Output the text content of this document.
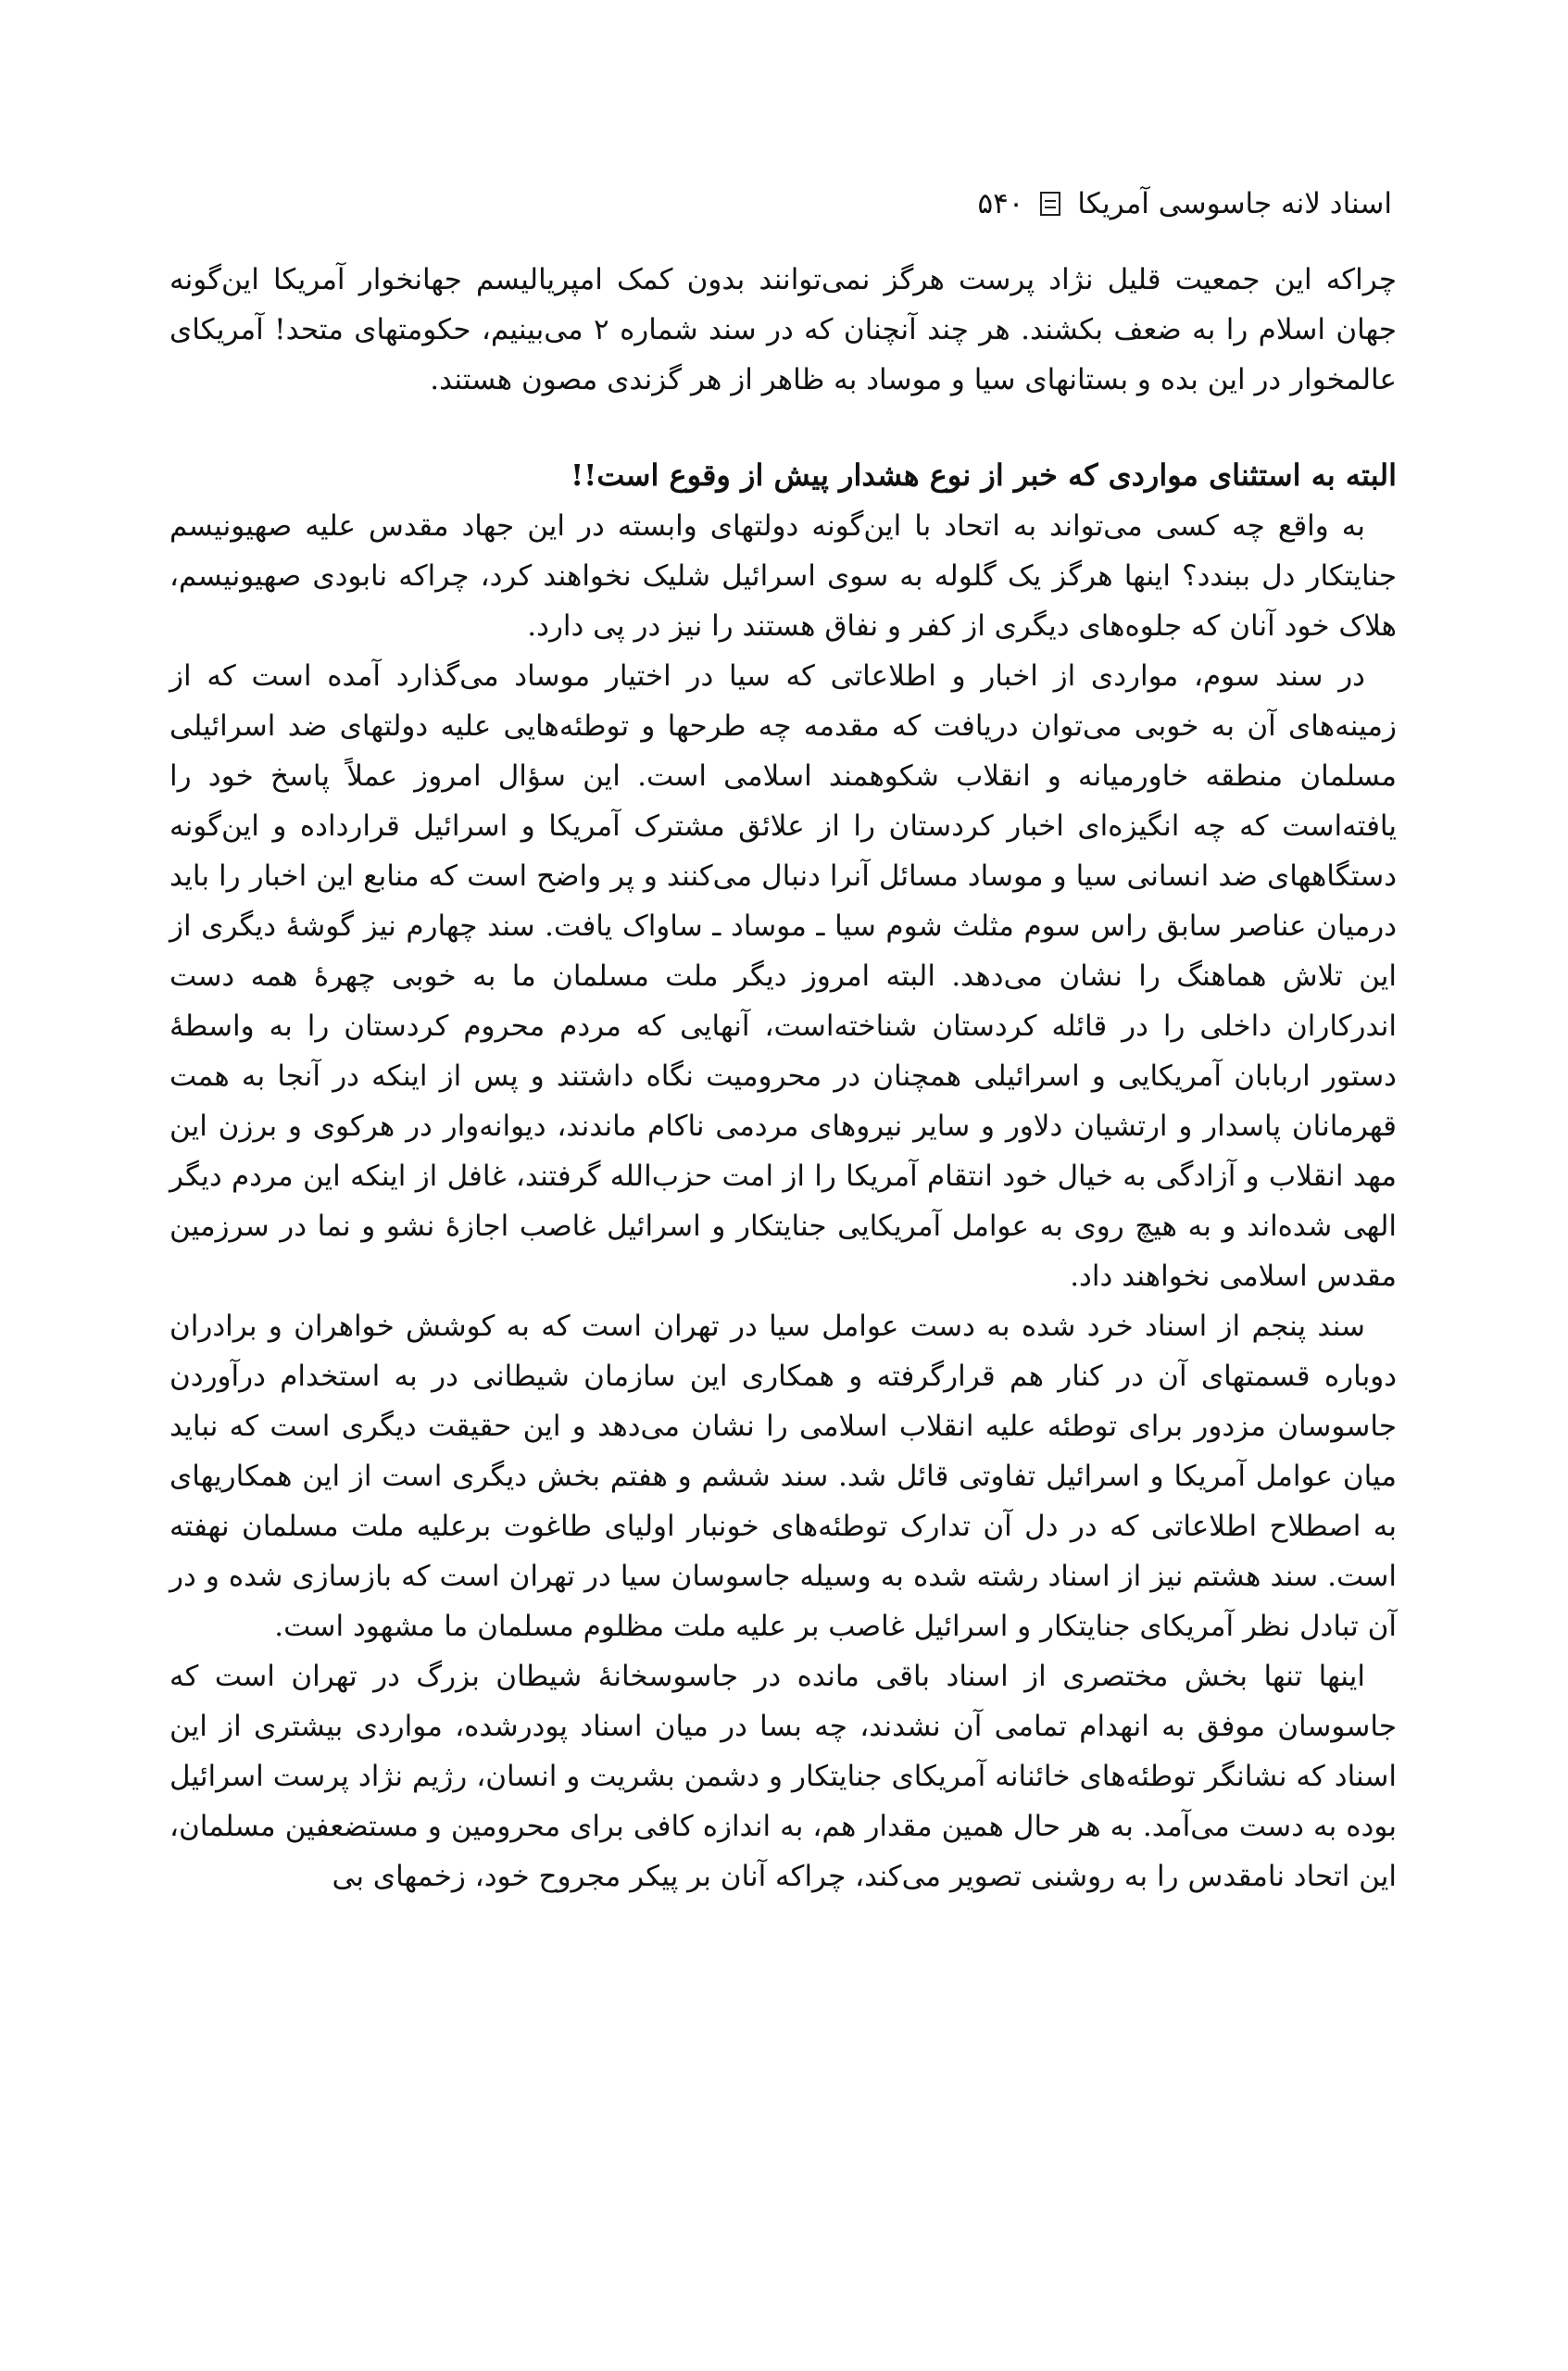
اسناد لانه جاسوسی آمریکا
۵۴۰

چراکه این جمعیت قلیل نژاد پرست هرگز نمی‌توانند بدون کمک امپریالیسم جهانخوار آمریکا این‌گونه جهان اسلام را به ضعف بکشند. هر چند آنچنان که در سند شماره ۲ می‌بینیم، حکومتهای متحد! آمریکای عالمخوار در این بده و بستانهای سیا و موساد به ظاهر از هر گزندی مصون هستند.

البته به استثنای مواردی که خبر از نوع هشدار پیش از وقوع است!!

به واقع چه کسی می‌تواند به اتحاد با این‌گونه دولتهای وابسته در این جهاد مقدس علیه صهیونیسم جنایتکار دل ببندد؟ اینها هرگز یک گلوله به سوی اسرائیل شلیک نخواهند کرد، چراکه نابودی صهیونیسم، هلاک خود آنان که جلوه‌های دیگری از کفر و نفاق هستند را نیز در پی دارد.

در سند سوم، مواردی از اخبار و اطلاعاتی که سیا در اختیار موساد می‌گذارد آمده است که از زمینه‌های آن به خوبی می‌توان دریافت که مقدمه چه طرحها و توطئه‌هایی علیه دولتهای ضد اسرائیلی مسلمان منطقه خاورمیانه و انقلاب شکوهمند اسلامی است. این سؤال امروز عملاً پاسخ خود را یافته‌است که چه انگیزه‌ای اخبار کردستان را از علائق مشترک آمریکا و اسرائیل قرارداده و این‌گونه دستگاههای ضد انسانی سیا و موساد مسائل آنرا دنبال می‌کنند و پر واضح است که منابع این اخبار را باید درمیان عناصر سابق راس سوم مثلث شوم سیا ـ موساد ـ ساواک یافت. سند چهارم نیز گوشهٔ دیگری از این تلاش هماهنگ را نشان می‌دهد. البته امروز دیگر ملت مسلمان ما به خوبی چهرهٔ همه دست اندرکاران داخلی را در قائله کردستان شناخته‌است، آنهایی که مردم محروم کردستان را به واسطهٔ دستور اربابان آمریکایی و اسرائیلی همچنان در محرومیت نگاه داشتند و پس از اینکه در آنجا به همت قهرمانان پاسدار و ارتشیان دلاور و سایر نیروهای مردمی ناکام ماندند، دیوانه‌وار در هرکوی و برزن این مهد انقلاب و آزادگی به خیال خود انتقام آمریکا را از امت حزب‌الله گرفتند، غافل از اینکه این مردم دیگر الهی شده‌اند و به هیچ روی به عوامل آمریکایی جنایتکار و اسرائیل غاصب اجازهٔ نشو و نما در سرزمین مقدس اسلامی نخواهند داد.

سند پنجم از اسناد خرد شده به دست عوامل سیا در تهران است که به کوشش خواهران و برادران دوباره قسمتهای آن در کنار هم قرارگرفته و همکاری این سازمان شیطانی در به استخدام درآوردن جاسوسان مزدور برای توطئه علیه انقلاب اسلامی را نشان می‌دهد و این حقیقت دیگری است که نباید میان عوامل آمریکا و اسرائیل تفاوتی قائل شد. سند ششم و هفتم بخش دیگری است از این همکاریهای به اصطلاح اطلاعاتی که در دل آن تدارک توطئه‌های خونبار اولیای طاغوت برعلیه ملت مسلمان نهفته است. سند هشتم نیز از اسناد رشته شده به وسیله جاسوسان سیا در تهران است که بازسازی شده و در آن تبادل نظر آمریکای جنایتکار و اسرائیل غاصب بر علیه ملت مظلوم مسلمان ما مشهود است.

اینها تنها بخش مختصری از اسناد باقی مانده در جاسوسخانهٔ شیطان بزرگ در تهران است که جاسوسان موفق به انهدام تمامی آن نشدند، چه بسا در میان اسناد پودرشده، مواردی بیشتری از این اسناد که نشانگر توطئه‌های خائنانه آمریکای جنایتکار و دشمن بشریت و انسان، رژیم نژاد پرست اسرائیل بوده به دست می‌آمد. به هر حال همین مقدار هم، به اندازه کافی برای محرومین و مستضعفین مسلمان، این اتحاد نامقدس را به روشنی تصویر می‌کند، چراکه آنان بر پیکر مجروح خود، زخمهای بی
